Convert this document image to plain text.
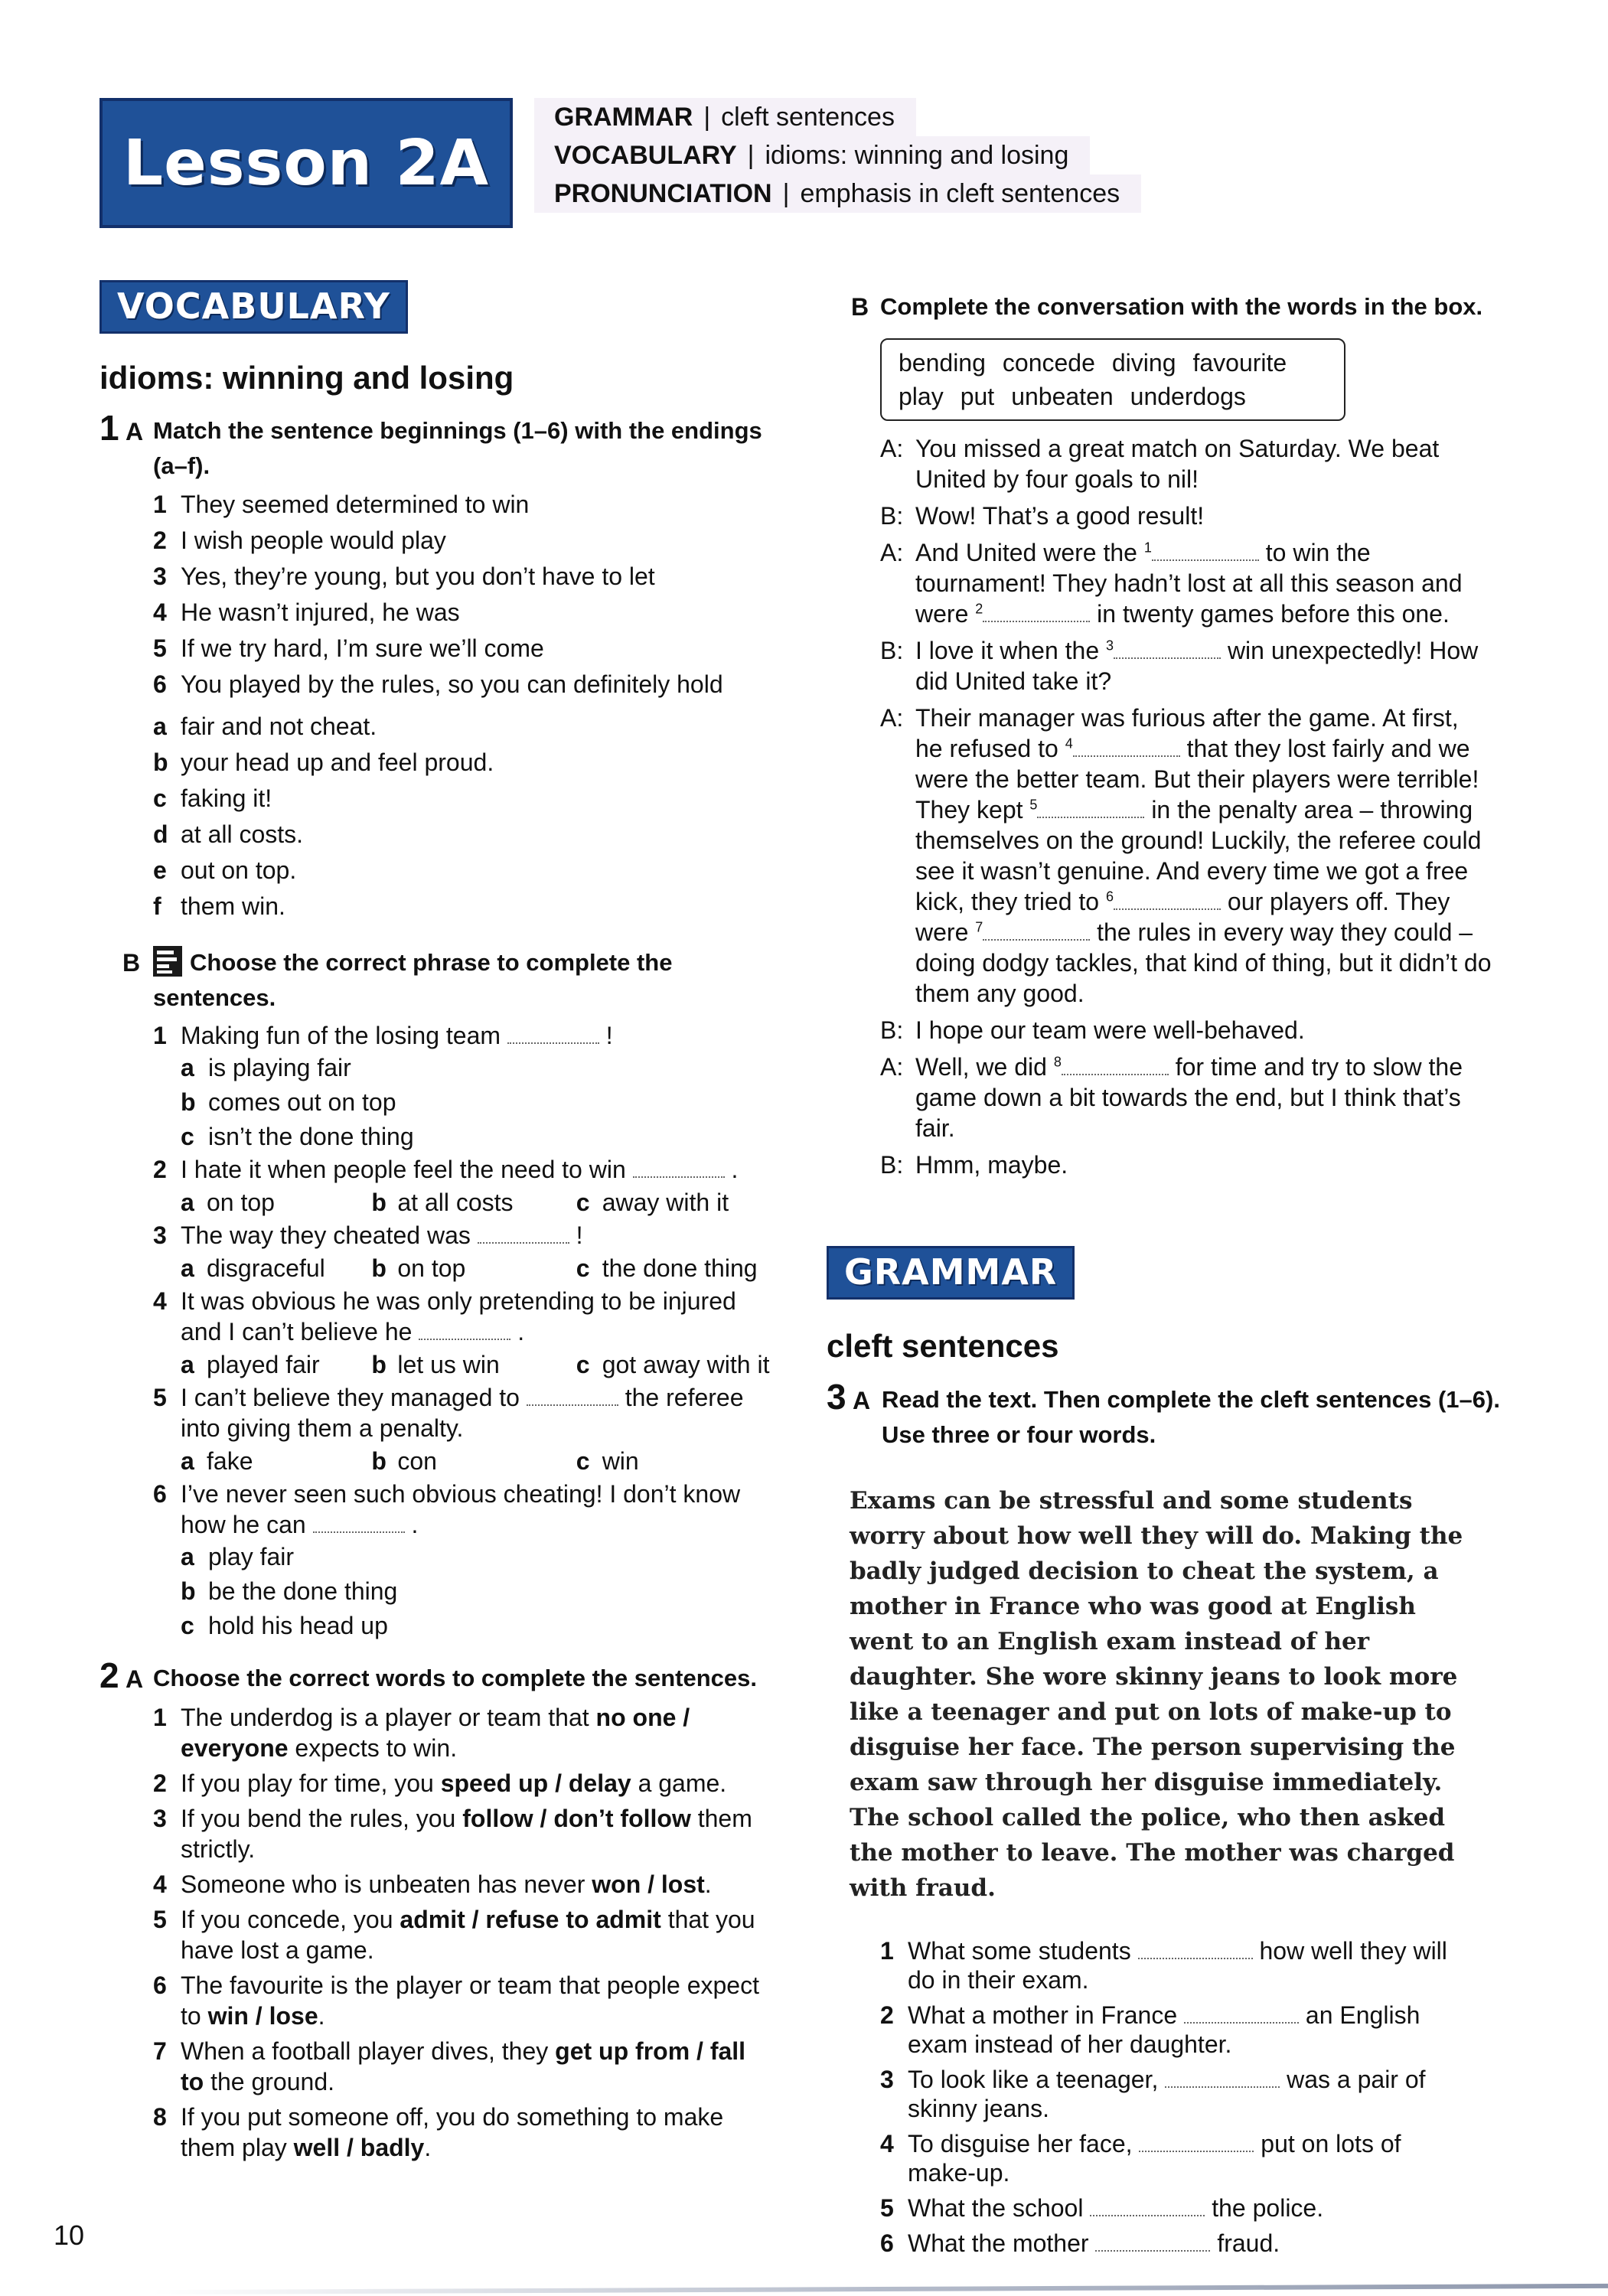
Lesson 2A
GRAMMAR | cleft sentences
VOCABULARY | idioms: winning and losing
PRONUNCIATION | emphasis in cleft sentences
VOCABULARY
idioms: winning and losing
1 A Match the sentence beginnings (1–6) with the endings (a–f).
1 They seemed determined to win
2 I wish people would play
3 Yes, they’re young, but you don’t have to let
4 He wasn’t injured, he was
5 If we try hard, I’m sure we’ll come
6 You played by the rules, so you can definitely hold
a fair and not cheat.
b your head up and feel proud.
c faking it!
d at all costs.
e out on top.
f them win.
B Choose the correct phrase to complete the sentences.
1 Making fun of the losing team	!
a is playing fair
b comes out on top
c isn’t the done thing
2 I hate it when people feel the need to win	.
a on top	b at all costs	c away with it
3 The way they cheated was	!
a disgraceful	b on top	c the done thing
4 It was obvious he was only pretending to be injured and I can’t believe he	.
a played fair	b let us win	c got away with it
5 I can’t believe they managed to	the referee into giving them a penalty.
a fake	b con	c win
6 I’ve never seen such obvious cheating! I don’t know how he can	.
a play fair
b be the done thing
c hold his head up
2 A Choose the correct words to complete the sentences.
1 The underdog is a player or team that no one / everyone expects to win.
2 If you play for time, you speed up / delay a game.
3 If you bend the rules, you follow / don’t follow them strictly.
4 Someone who is unbeaten has never won / lost.
5 If you concede, you admit / refuse to admit that you have lost a game.
6 The favourite is the player or team that people expect to win / lose.
7 When a football player dives, they get up from / fall to the ground.
8 If you put someone off, you do something to make them play well / badly.
10
B Complete the conversation with the words in the box.
bending concede diving favourite
play put unbeaten underdogs
A: You missed a great match on Saturday. We beat United by four goals to nil!
B: Wow! That’s a good result!
A: And United were the $^1$	to win the tournament! They hadn’t lost at all this season and were $^2$	in twenty games before this one.
B: I love it when the $^3$	win unexpectedly! How did United take it?
A: Their manager was furious after the game. At first, he refused to $^4$	that they lost fairly and we were the better team. But their players were terrible! They kept $^5$	in the penalty area – throwing themselves on the ground! Luckily, the referee could see it wasn’t genuine. And every time we got a free kick, they tried to $^6$	our players off. They were $^7$	the rules in every way they could – doing dodgy tackles, that kind of thing, but it didn’t do them any good.
B: I hope our team were well-behaved.
A: Well, we did $^8$	for time and try to slow the game down a bit towards the end, but I think that’s fair.
B: Hmm, maybe.
GRAMMAR
cleft sentences
3 A Read the text. Then complete the cleft sentences (1–6). Use three or four words.
Exams can be stressful and some students worry about how well they will do. Making the badly judged decision to cheat the system, a mother in France who was good at English went to an English exam instead of her daughter. She wore skinny jeans to look more like a teenager and put on lots of make-up to disguise her face. The person supervising the exam saw through her disguise immediately. The school called the police, who then asked the mother to leave. The mother was charged with fraud.
1 What some students	how well they will do in their exam.
2 What a mother in France	an English exam instead of her daughter.
3 To look like a teenager,	was a pair of skinny jeans.
4 To disguise her face,	put on lots of make-up.
5 What the school	the police.
6 What the mother	fraud.
